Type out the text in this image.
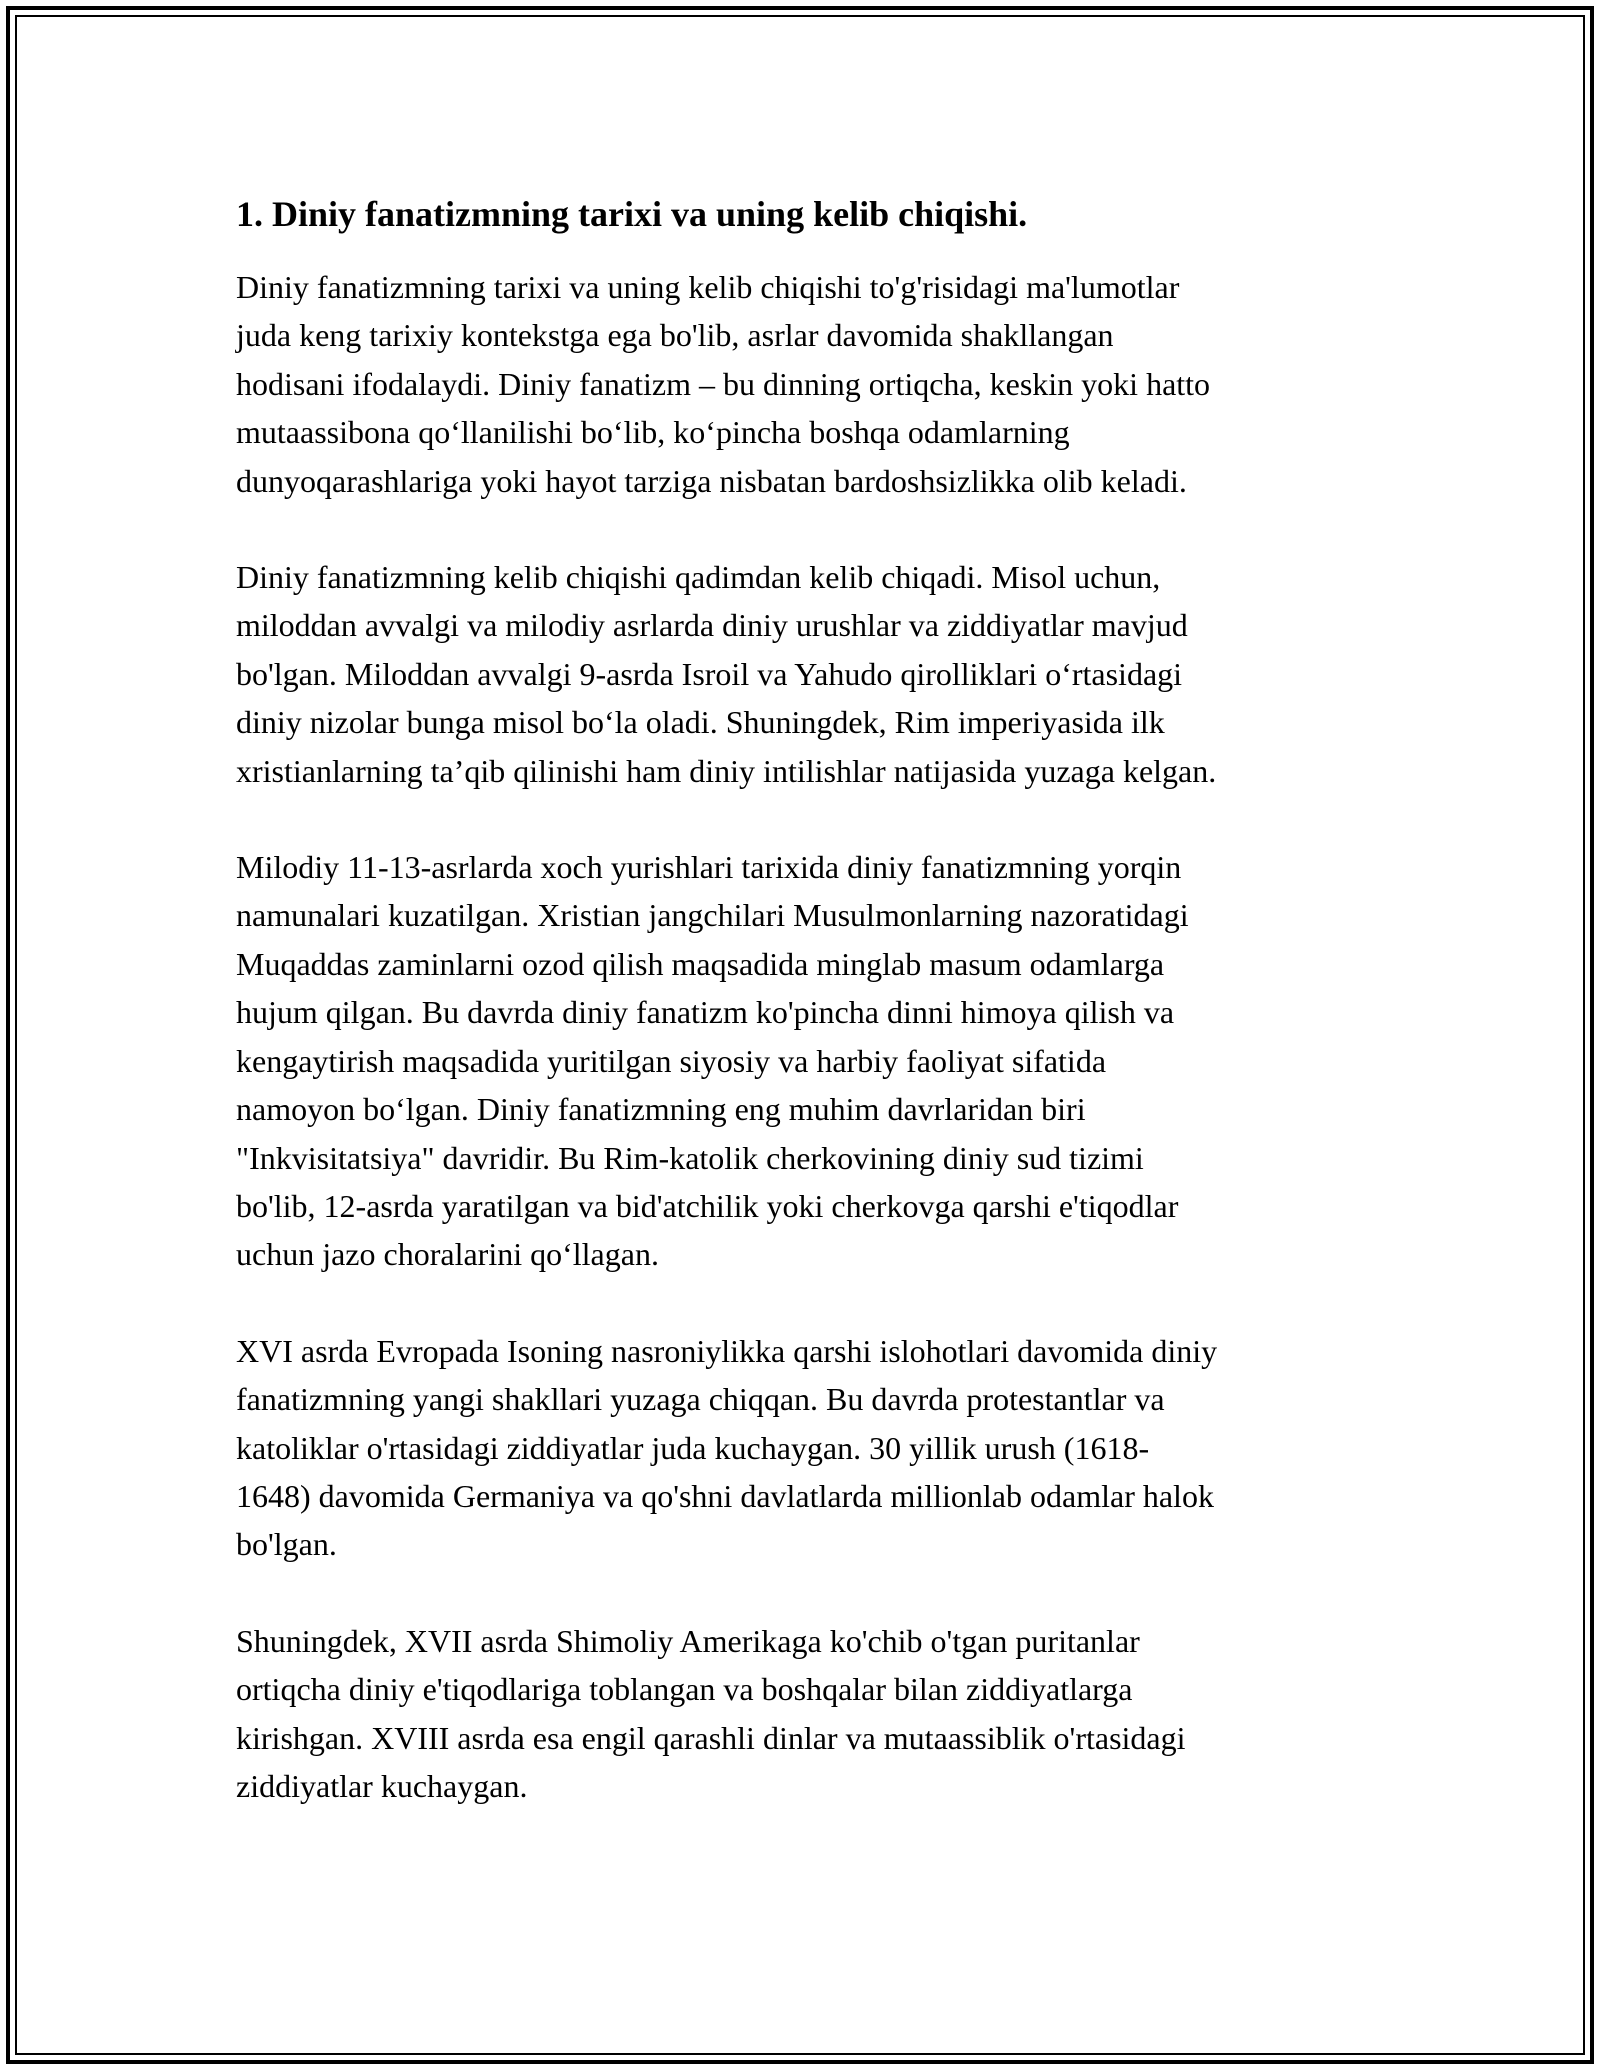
1. Diniy fanatizmning tarixi va uning kelib chiqishi.

Diniy fanatizmning tarixi va uning kelib chiqishi to'g'risidagi ma'lumotlar
juda keng tarixiy kontekstga ega bo'lib, asrlar davomida shakllangan
hodisani ifodalaydi. Diniy fanatizm – bu dinning ortiqcha, keskin yoki hatto
mutaassibona qoʻllanilishi boʻlib, koʻpincha boshqa odamlarning
dunyoqarashlariga yoki hayot tarziga nisbatan bardoshsizlikka olib keladi.

Diniy fanatizmning kelib chiqishi qadimdan kelib chiqadi. Misol uchun,
miloddan avvalgi va milodiy asrlarda diniy urushlar va ziddiyatlar mavjud
bo'lgan. Miloddan avvalgi 9-asrda Isroil va Yahudo qirolliklari oʻrtasidagi
diniy nizolar bunga misol boʻla oladi. Shuningdek, Rim imperiyasida ilk
xristianlarning taʼqib qilinishi ham diniy intilishlar natijasida yuzaga kelgan.

Milodiy 11-13-asrlarda xoch yurishlari tarixida diniy fanatizmning yorqin
namunalari kuzatilgan. Xristian jangchilari Musulmonlarning nazoratidagi
Muqaddas zaminlarni ozod qilish maqsadida minglab masum odamlarga
hujum qilgan. Bu davrda diniy fanatizm ko'pincha dinni himoya qilish va
kengaytirish maqsadida yuritilgan siyosiy va harbiy faoliyat sifatida
namoyon boʻlgan. Diniy fanatizmning eng muhim davrlaridan biri
"Inkvisitatsiya" davridir. Bu Rim-katolik cherkovining diniy sud tizimi
bo'lib, 12-asrda yaratilgan va bid'atchilik yoki cherkovga qarshi e'tiqodlar
uchun jazo choralarini qoʻllagan.

XVI asrda Evropada Isoning nasroniylikka qarshi islohotlari davomida diniy
fanatizmning yangi shakllari yuzaga chiqqan. Bu davrda protestantlar va
katoliklar o'rtasidagi ziddiyatlar juda kuchaygan. 30 yillik urush (1618-
1648) davomida Germaniya va qo'shni davlatlarda millionlab odamlar halok
bo'lgan.

Shuningdek, XVII asrda Shimoliy Amerikaga ko'chib o'tgan puritanlar
ortiqcha diniy e'tiqodlariga toblangan va boshqalar bilan ziddiyatlarga
kirishgan. XVIII asrda esa engil qarashli dinlar va mutaassiblik o'rtasidagi
ziddiyatlar kuchaygan.
